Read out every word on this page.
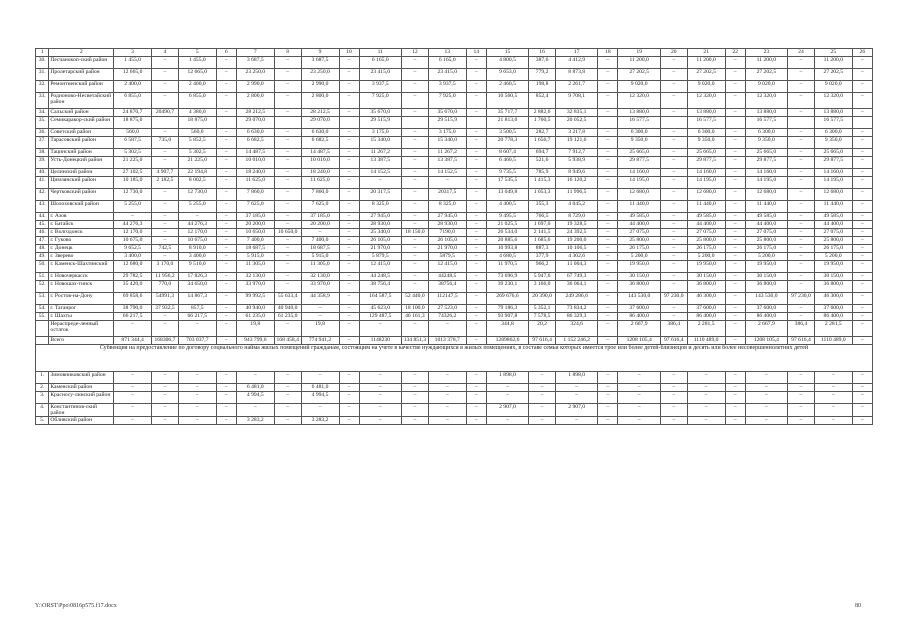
1	2	3	4	5	6	7	8	9	10	11	12	13	14	15	16	17	18	19	20	21	22	23	24	25	26
30.	Песчанокоп-ский район	1 455,0	–	1 455,0	–	3 687,5	–	3 687,5	–	6 165,0	–	6 165,0	–	4 800,5	387,6	4 412,9	–	11 200,0	–	11 200,0	–	11 200,0	–	11 200,0	–
31.	Пролетарский район	12 665,0	–	12 665,0	–	23 250,0	–	23 250,0	–	23 415,0	–	23 415,0	–	9 653,0	779,2	8 873,8	–	27 202,5	–	27 202,5	–	27 202,5	–	27 202,5	–
32.	Ремонтненский район	2 400,0	–	2 400,0	–	2 990,0	–	2 990,0	–	3 937,5	–	3 937,5	–	2 460,5	198,8	2 261,7	–	9 020,0	–	9 020,0	–	9 020,0	–	9 020,0	–
33.	Родионово-Несветайский район	6 855,0	–	6 855,0	–	2 800,0	–	2 800,0	–	7 925,0	–	7 925,0	–	10 560,5	852,4	9 708,1	–	12 320,0	–	12 320,0	–	12 320,0	–	12 320,0	–
34.	Сальский район	24 870,7	20490,7	4 380,0	–	28 212,5	–	28 212,5	–	35 670,0	–	35 670,0	–	35 717,7	2 882,6	32 835,1	–	13 880,0	–	13 880,0	–	13 880,0	–	13 880,0	–
35.	Семикаракор-ский район	18 875,0		18 875,0		29 070,0		29 070,0		29 515,9		29 515,9		21 813,0	1 760,5	20 052,5		16 577,5		16 577,5		16 577,5		16 577,5	
36.	Советский район	560,0	–	560,0	–	6 630,0	–	6 630,0	–	3 175,0	–	3 175,0	–	3 500,5	282,7	3 217,8	–	6 300,0	–	6 300,0	–	6 300,0	–	6 300,0	–
37.	Тарасовский район	6 587,5	735,0	5 852,5	–	6 682,5	–	6 682,5	–	15 340,0	–	15 340,0	–	20 778,3	1 656,7	19 121,6	–	9 350,0	–	9 350,0	–	9 350,0	–	9 350,0	–
38.	Тацинский район	5 302,5	–	5 302,5	–	14 487,5	–	14 487,5	–	11 267,2	–	11 267,2	–	8 607,4	694,7	7 912,7	–	25 665,0	–	25 665,0	–	25 665,0	–	25 665,0	–
39.	Усть-Донецкий район	21 225,0	–	21 225,0	–	10 010,0	–	10 010,0	–	13 387,5	–	13 387,5	–	6 460,5	521,6	5 938,9	–	29 877,5	–	29 877,5	–	29 877,5	–	29 877,5	–
40.	Целинский район	27 102,5	4 907,7	22 194,8	–	18 240,0	–	18 240,0	–	14 152,5	–	14 152,5	–	9 735,5	785,9	8 949,6	–	14 160,0	–	14 160,0	–	14 160,0	–	14 160,0	–
41.	Цимлянский район	10 185,0	2 182,5	8 002,5	–	11 625,0	–	11 625,0	–	–	–	–	–	17 535,5	1 415,3	16 120,2	–	14 195,0	–	14 195,0	–	14 195,0	–	14 195,0	–
42.	Чертковский район	12 730,0	–	12 730,0	–	7 860,0	–	7 860,0	–	20 317,5	–	20317,5	–	13 049,8	1 053,3	11 996,5	–	12 680,0	–	12 680,0	–	12 680,0	–	12 680,0	–
43.	Шолоховский район	5 255,0	–	5 255,0	–	7 625,0	–	7 625,0	–	8 325,0	–	8 325,0	–	4 400,5	355,3	4 045,2	–	11 440,0	–	11 440,0	–	11 440,0	–	11 440,0	–
44.	г. Азов	–	–	–	–	37 185,0	–	37 185,0	–	27 945,0	–	27 945,0	–	9 495,5	766,5	8 729,0	–	49 585,0	–	49 585,0	–	49 585,0	–	49 585,0	–
45.	г. Батайск	44 276,3	–	44 276,3	–	20 200,0	–	20 200,0	–	28 930,0	–	28 930,0	–	21 025,5	1 697,0	19 328,5	–	44 400,0	–	44 400,0	–	44 400,0	–	44 400,0	–
46.	г. Волгодонск	12 170,0	–	12 170,0	–	10 650,0	10 650,0	–	–	25 340,0	18 150,0	7190,0	–	26 534,0	2 141,5	24 392,5	–	27 075,0	–	27 075,0	–	27 075,0	–	27 075,0	–
47.	г. Гуково	10 675,0	–	10 675,0	–	7 400,0	–	7 400,0	–	26 105,0	–	26 105,0	–	20 885,6	1 685,6	19 200,0	–	25 800,0	–	25 800,0	–	25 800,0	–	25 800,0	–
48.	г. Донецк	9 652,5	742,5	8 910,0	–	18 687,5	–	18 687,5	–	21 970,0	–	21 970,0	–	10 993,8	887,3	10 106,5	–	26 175,0	–	26 175,0	–	26 175,0	–	26 175,0	–
49.	г. Зверево	3 400,0	–	3 400,0	–	5 915,0	–	5 915,0	–	5 879,5	–	5879,5	–	4 680,5	377,9	4 302,6	–	5 200,0	–	5 200,0	–	5 200,0	–	5 200,0	–
50.	г. Каменск-Шахтинский	12 680,0	3 170,0	9 510,0	–	11 305,0	–	11 305,0	–	12 415,0	–	12 415,0	–	11 970,5	966,2	11 004,3	–	19 950,0	–	19 950,0	–	19 950,0	–	19 950,0	–
51.	г. Новочеркасск	29 782,5	11 956,2	17 826,3	–	32 130,0	–	32 130,0	–	44 248,5	–	44248,5	–	73 696,9	5 947,6	67 749,3	–	30 150,0	–	30 150,0	–	30 150,0	–	30 150,0	–
52.	г. Новошах-тинск	35 420,0	770,0	34 650,0	–	33 970,0	–	33 970,0	–	38 756,4	–	38756,4	–	39 230,1	3 166,0	36 064,1	–	36 800,0	–	36 800,0	–	36 800,0	–	36 800,0	–
53.	г. Ростов-на-Дону	69 858,6	54991,3	14 867,3	–	99 992,5	55 633,4	44 358,9	–	164 587,5	52 440,0	112147,5	–	269 676,6	20 390,0	249 286,6	–	143 530,0	97 230,0	46 300,0	–	143 530,0	97 230,0	46 300,0	–
54.	г. Таганрог	38 790,0	37 932,5	857,5	–	40 940,0	40 940,0	–	–	45 623,0	18 100,0	27 523,0	–	79 186,3	5 352,1	73 834,2	–	37 600,0	–	37 600,0	–	37 600,0	–	37 600,0	–
55.	г. Шахты	66 217,5	–	66 217,5	–	61 235,0	61 235,0	–	–	129 487,5	46 161,3	74326,2	–	93 907,8	7 578,5	86 329,3	–	86 400,0	–	86 400,0	–	86 400,0	–	86 400,0	–
	Нераспреде-ленный остаток	–	–	–	–	19,8	–	19,8	–	–	–	–	–	344,8	20,2	324,6	–	2 667,9	386,4	2 281,5	–	2 667,9	386,4	2 281,5	–
	Всего	871 344,4	168306,7	703 037,7	–	943 799,6	168 458,4	774 941,2	–	1148230	134 851,3	1013 378,7	–	1289862,6	97 616,4	1 152 246,2	–	1208 105,4	97 616,4	1110 489,0	–	1208 105,4	97 616,4	1110 489,0	–
Субвенция на предоставление по договору социального найма жилых помещений гражданам, состоящим на учете в качестве нуждающихся в жилых помещениях, в составе семьи которых имеется трое или более детей-близнецов и десять или более несовершеннолетних детей																									
1.	Зимовниковский район	–	–	–	–	–	–	–	–	–	–	–	–	1 898,0	–	1 898,0	–	–	–	–	–	–	–	–	–
2.	Каменский район	–	–	–	–	6 481,0	–	6 481,0	–	–	–	–	–	–	–	–	–	–	–	–	–	–	–	–	–
3.	Красносу-линский район	–	–	–	–	4 994,5	–	4 994,5	–	–	–	–	–	–	–	–	–	–	–	–	–	–	–	–	–
4.	Константинов-ский район	–	–	–	–	–	–	–	–	–	–	–	–	2 907,0	–	2 907,0	–	–	–	–	–	–	–	–	–
5.	Обливский район	–	–	–	–	3 283,2	–	3 283,2	–	–	–	–	–	–	–	–	–	–	–	–	–	–	–	–	–
Y:\ORST\Ppo\0816p575.f17.docx	80
